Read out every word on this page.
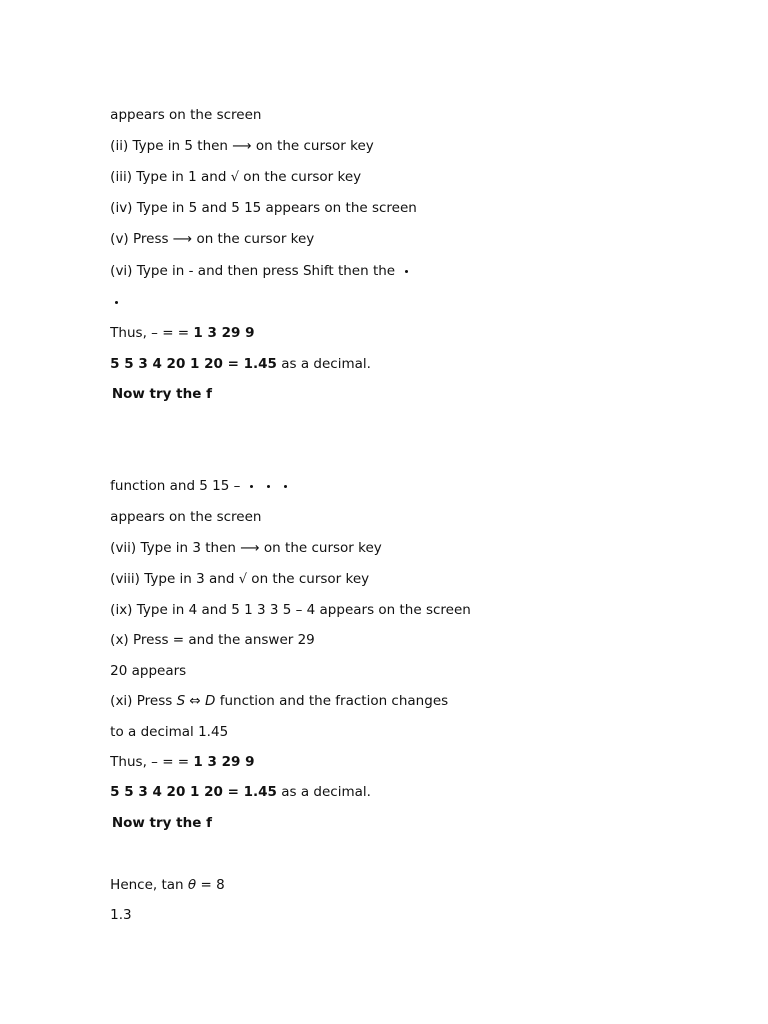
appears on the screen

(ii) Type in 5 then ⟶ on the cursor key

(iii) Type in 1 and √ on the cursor key

(iv) Type in 5 and 5 15 appears on the screen

(v) Press ⟶ on the cursor key

(vi) Type in - and then press Shift then the

Thus, – = = 1 3 29 9

5 5 3 4 20 1 20 = 1.45 as a decimal.

Now try the f

function and 5 15 –

appears on the screen

(vii) Type in 3 then ⟶ on the cursor key

(viii) Type in 3 and √ on the cursor key

(ix) Type in 4 and 5 1 3 3 5 – 4 appears on the screen

(x) Press = and the answer 29

20 appears

(xi) Press S ⇔ D function and the fraction changes

to a decimal 1.45

Thus, – = = 1 3 29 9

5 5 3 4 20 1 20 = 1.45 as a decimal.

Now try the f

Hence, tan θ = 8

1.3
